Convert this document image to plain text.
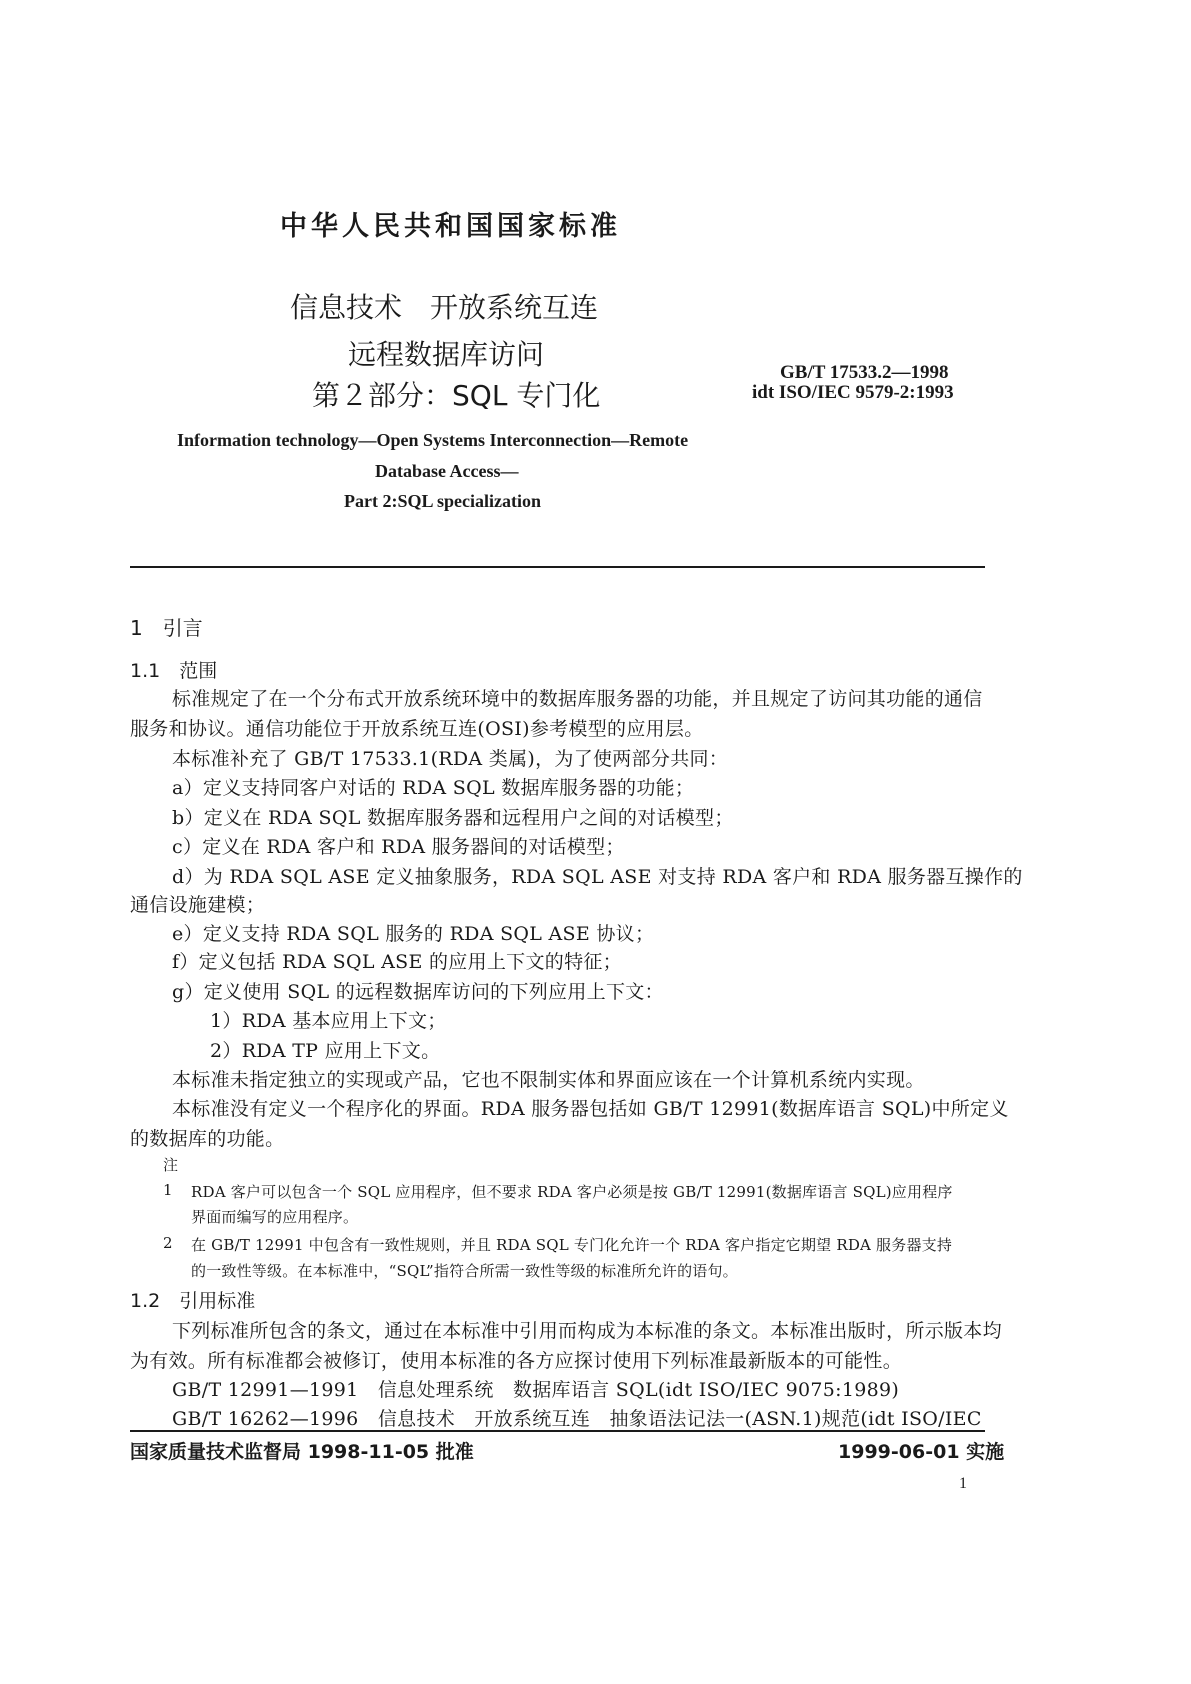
中华人民共和国国家标准
信息技术　开放系统互连
远程数据库访问
第２部分：SQL 专门化
GB/T 17533.2—1998
idt ISO/IEC 9579-2:1993
Information technology—Open Systems Interconnection—Remote
Database Access—
Part 2:SQL specialization
1　引言
1.1　范围
标准规定了在一个分布式开放系统环境中的数据库服务器的功能，并且规定了访问其功能的通信
服务和协议。通信功能位于开放系统互连(OSI)参考模型的应用层。
本标准补充了 GB/T 17533.1(RDA 类属)，为了使两部分共同：
a）定义支持同客户对话的 RDA SQL 数据库服务器的功能；
b）定义在 RDA SQL 数据库服务器和远程用户之间的对话模型；
c）定义在 RDA 客户和 RDA 服务器间的对话模型；
d）为 RDA SQL ASE 定义抽象服务，RDA SQL ASE 对支持 RDA 客户和 RDA 服务器互操作的
通信设施建模；
e）定义支持 RDA SQL 服务的 RDA SQL ASE 协议；
f）定义包括 RDA SQL ASE 的应用上下文的特征；
g）定义使用 SQL 的远程数据库访问的下列应用上下文：
1）RDA 基本应用上下文；
2）RDA TP 应用上下文。
本标准未指定独立的实现或产品，它也不限制实体和界面应该在一个计算机系统内实现。
本标准没有定义一个程序化的界面。RDA 服务器包括如 GB/T 12991(数据库语言 SQL)中所定义
的数据库的功能。
注
1 RDA 客户可以包含一个 SQL 应用程序，但不要求 RDA 客户必须是按 GB/T 12991(数据库语言 SQL)应用程序
界面而编写的应用程序。
2 在 GB/T 12991 中包含有一致性规则，并且 RDA SQL 专门化允许一个 RDA 客户指定它期望 RDA 服务器支持
的一致性等级。在本标准中，“SQL”指符合所需一致性等级的标准所允许的语句。
1.2　引用标准
下列标准所包含的条文，通过在本标准中引用而构成为本标准的条文。本标准出版时，所示版本均
为有效。所有标准都会被修订，使用本标准的各方应探讨使用下列标准最新版本的可能性。
GB/T 12991—1991　信息处理系统　数据库语言 SQL(idt ISO/IEC 9075:1989)
GB/T 16262—1996　信息技术　开放系统互连　抽象语法记法一(ASN.1)规范(idt ISO/IEC
国家质量技术监督局 1998-11-05 批准	1999-06-01 实施
1
